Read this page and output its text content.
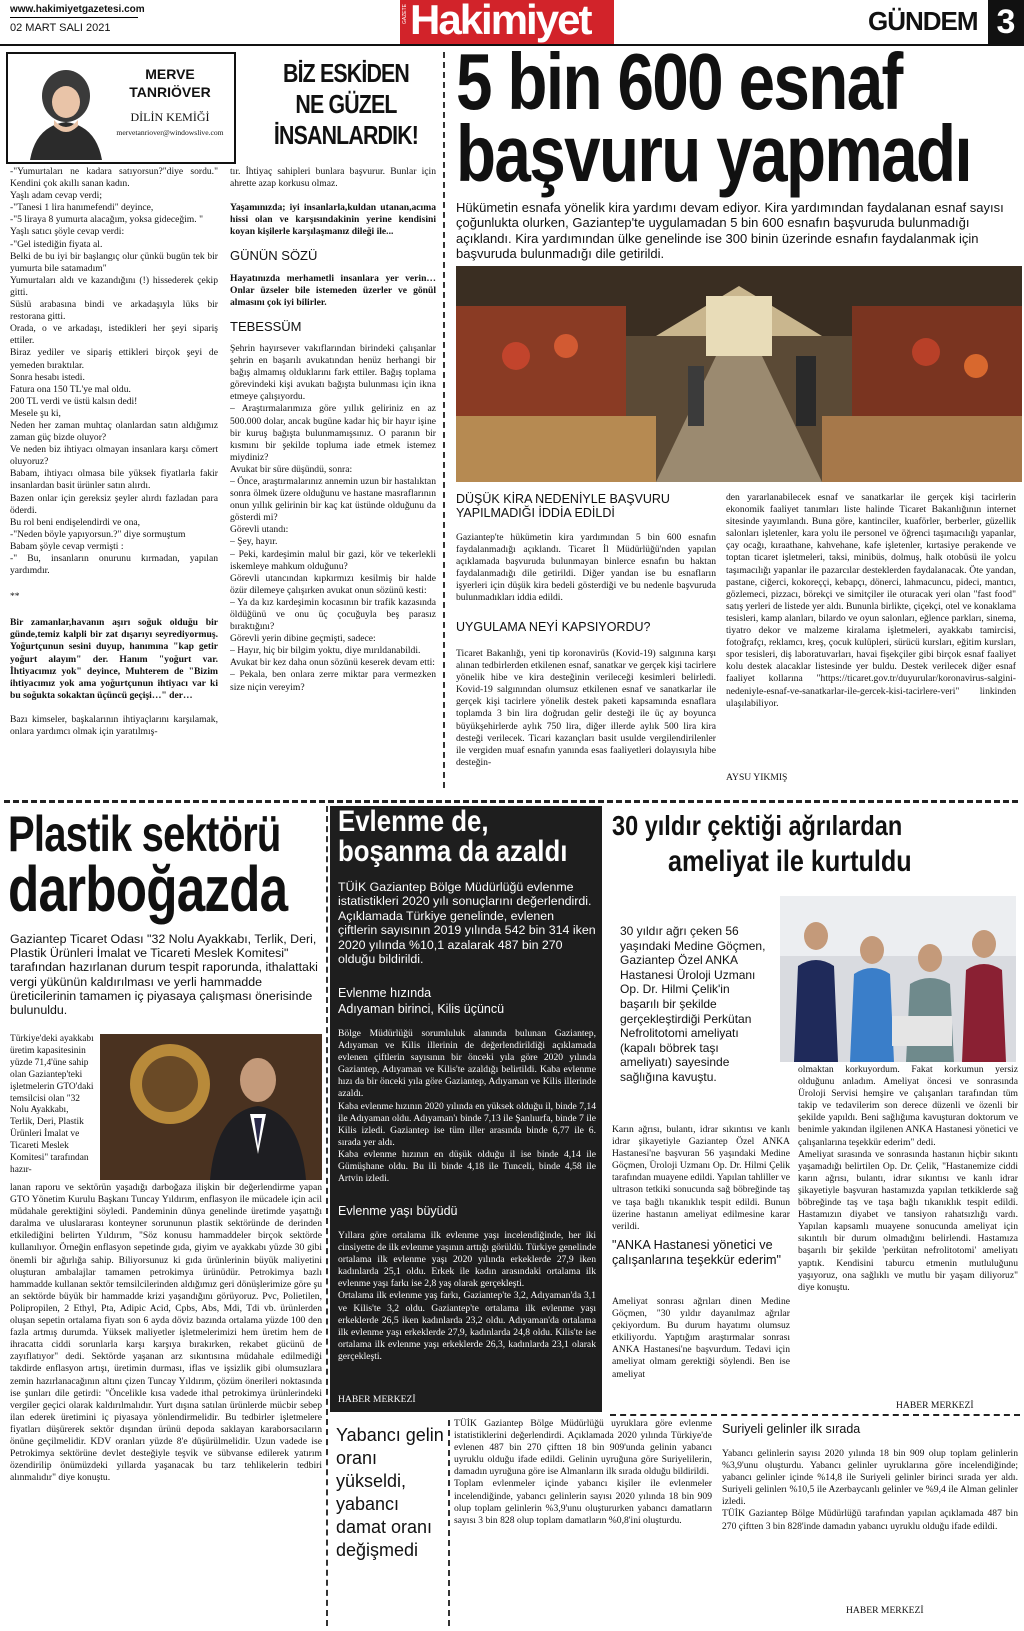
www.hakimiyetgazetesi.com
02 MART SALI 2021
GAZETE Hakimiyet	GÜNDEM 3
MERVE
TANRIÖVER
DİLİN KEMİĞİ
mervetanriover@windowslive.com
BİZ ESKİDEN NE GÜZEL İNSANLARDIK!

-"Yumurtaları ne kadara satıyorsun?"diye sordu." Kendini çok akıllı sanan kadın.
Yaşlı adam cevap verdi;
-"Tanesi 1 lira hanımefendi" deyince,
-"5 liraya 8 yumurta alacağım, yoksa gideceğim. "
Yaşlı satıcı şöyle cevap verdi:
-"Gel istediğin fiyata al.
Belki de bu iyi bir başlangıç olur çünkü bugün tek bir yumurta bile satamadım"
Yumurtaları aldı ve kazandığını (!) hissederek çekip gitti.
Süslü arabasına bindi ve arkadaşıyla lüks bir restorana gitti.
Orada, o ve arkadaşı, istedikleri her şeyi sipariş ettiler.
Biraz yediler ve sipariş ettikleri birçok şeyi de yemeden bıraktılar.
Sonra hesabı istedi.
Fatura ona 150 TL'ye mal oldu.
200 TL verdi ve üstü kalsın dedi!
Mesele şu ki,
Neden her zaman muhtaç olanlardan satın aldığımız zaman güç bizde oluyor?
Ve neden biz ihtiyacı olmayan insanlara karşı cömert oluyoruz?
Babam, ihtiyacı olmasa bile yüksek fiyatlarla fakir insanlardan basit ürünler satın alırdı.
Bazen onlar için gereksiz şeyler alırdı fazladan para öderdi.
Bu rol beni endişelendirdi ve ona,
-"Neden böyle yapıyorsun.?" diye sormuştum
Babam şöyle cevap vermişti :
-" Bu, insanların onurunu kırmadan, yapılan yardımdır.

**

Bir zamanlar,havanın aşırı soğuk olduğu bir günde,temiz kalpli bir zat dışarıyı seyrediyormuş. Yoğurtçunun sesini duyup, hanımına "kap getir yoğurt alayım" der. Hanım "yoğurt var. İhtiyacımız yok" deyince, Muhterem de "Bizim ihtiyacımız yok ama yoğurtçunun ihtiyacı var ki bu soğukta sokaktan üçüncü geçişi…" der…

Bazı kimseler, başkalarının ihtiyaçlarını karşılamak, onlara yardımcı olmak için yaratılmış-

tır. İhtiyaç sahipleri bunlara başvurur. Bunlar için ahrette azap korkusu olmaz.

Yaşamınızda; iyi insanlarla,kuldan utanan,acıma hissi olan ve karşısındakinin yerine kendisini koyan kişilerle karşılaşmanız dileği ile...

GÜNÜN SÖZÜ

Hayatınızda merhametli insanlara yer verin…Onlar üzseler bile istemeden üzerler ve gönül almasını çok iyi bilirler.

TEBESSÜM

Şehrin hayırsever vakıflarından birindeki çalışanlar şehrin en başarılı avukatından henüz herhangi bir bağış almamış olduklarını fark ettiler. Bağış toplama görevindeki kişi avukatı bağışta bulunması için ikna etmeye çalışıyordu.
– Araştırmalarımıza göre yıllık geliriniz en az 500.000 dolar, ancak bugüne kadar hiç bir hayır işine bir kuruş bağışta bulunmamışsınız. O paranın bir kısmını bir şekilde topluma iade etmek istemez miydiniz?
Avukat bir süre düşündü, sonra:
– Önce, araştırmalarınız annemin uzun bir hastalıktan sonra ölmek üzere olduğunu ve hastane masraflarının onun yıllık gelirinin bir kaç kat üstünde olduğunu da gösterdi mi?
Görevli utandı:
– Şey, hayır.
– Peki, kardeşimin malul bir gazi, kör ve tekerlekli iskemleye mahkum olduğunu?
Görevli utancından kıpkırmızı kesilmiş bir halde özür dilemeye çalışırken avukat onun sözünü kesti:
– Ya da kız kardeşimin kocasının bir trafik kazasında öldüğünü ve onu üç çocuğuyla beş parasız bıraktığını?
Görevli yerin dibine geçmişti, sadece:
– Hayır, hiç bir bilgim yoktu, diye mırıldanabildi.
Avukat bir kez daha onun sözünü keserek devam etti:
– Pekala, ben onlara zerre miktar para vermezken size niçin vereyim?

5 bin 600 esnaf
başvuru yapmadı
Hükümetin esnafa yönelik kira yardımı devam ediyor. Kira yardımından faydalanan esnaf sayısı çoğunlukta olurken, Gaziantep'te uygulamadan 5 bin 600 esnafın başvuruda bulunmadığı açıklandı. Kira yardımından ülke genelinde ise 300 binin üzerinde esnafın faydalanmak için başvuruda bulunmadığı dile getirildi.
DÜŞÜK KİRA NEDENİYLE BAŞVURU YAPILMADIĞI İDDİA EDİLDİ
Gaziantep'te hükümetin kira yardımından 5 bin 600 esnafın faydalanmadığı açıklandı. Ticaret İl Müdürlüğü'nden yapılan açıklamada başvuruda bulunmayan binlerce esnafın bu haktan faydalanmadığı dile getirildi. Diğer yandan ise bu esnafların işyerleri için düşük kira bedeli gösterdiği ve bu nedenle başvuruda bulunmadıkları iddia edildi.
UYGULAMA NEYİ KAPSIYORDU?
Ticaret Bakanlığı, yeni tip koronavirüs (Kovid-19) salgınına karşı alınan tedbirlerden etkilenen esnaf, sanatkar ve gerçek kişi tacirlere yönelik hibe ve kira desteğinin verileceği kesimleri belirledi. Kovid-19 salgınından olumsuz etkilenen esnaf ve sanatkarlar ile gerçek kişi tacirlere yönelik destek paketi kapsamında esnaflara toplamda 3 bin lira doğrudan gelir desteği ile üç ay boyunca büyükşehirlerde aylık 750 lira, diğer illerde aylık 500 lira kira desteği verilecek. Ticari kazançları basit usulde vergilendirilenler ile vergiden muaf esnafın yanında esas faaliyetleri dolayısıyla hibe desteğin-
den yararlanabilecek esnaf ve sanatkarlar ile gerçek kişi tacirlerin ekonomik faaliyet tanımları liste halinde Ticaret Bakanlığının internet sitesinde yayımlandı. Buna göre, kantinciler, kuaförler, berberler, güzellik salonları işletenler, kara yolu ile personel ve öğrenci taşımacılığı yapanlar, çay ocağı, kıraathane, kahvehane, kafe işletenler, kırtasiye perakende ve toptan ticaret işletmeleri, taksi, minibüs, dolmuş, halk otobüsü ile yolcu taşımacılığı yapanlar ile pazarcılar desteklerden faydalanacak. Öte yandan, pastane, ciğerci, kokoreççi, kebapçı, dönerci, lahmacuncu, pideci, mantıcı, gözlemeci, pizzacı, börekçi ve simitçiler ile oturacak yeri olan "fast food" satış yerleri de listede yer aldı. Bununla birlikte, çiçekçi, otel ve konaklama tesisleri, kamp alanları, bilardo ve oyun salonları, eğlence parkları, sinema, tiyatro dekor ve malzeme kiralama işletmeleri, ayakkabı tamircisi, fotoğrafçı, reklamcı, kreş, çocuk kulüpleri, sürücü kursları, eğitim kursları, spor tesisleri, diş laboratuvarları, havai fişekçiler gibi birçok esnaf faaliyet kolu destek alacaklar listesinde yer buldu. Destek verilecek diğer esnaf faaliyet kollarına "https://ticaret.gov.tr/duyurular/koronavirus-salgini-nedeniyle-esnaf-ve-sanatkarlar-ile-gercek-kisi-tacirlere-veri" linkinden ulaşılabiliyor.
AYSU YIKMIŞ
Plastik sektörü
darboğazda
Gaziantep Ticaret Odası "32 Nolu Ayakkabı, Terlik, Deri, Plastik Ürünleri İmalat ve Ticareti Meslek Komitesi" tarafından hazırlanan durum tespit raporunda, ithalattaki vergi yükünün kaldırılması ve yerli hammadde üreticilerinin tamamen iç piyasaya çalışması önerisinde bulunuldu.
Türkiye'deki ayakkabı üretim kapasitesinin yüzde 71,4'üne sahip olan Gaziantep'teki işletmelerin GTO'daki temsilcisi olan "32 Nolu Ayakkabı, Terlik, Deri, Plastik Ürünleri İmalat ve Ticareti Meslek Komitesi" tarafından hazır-
lanan raporu ve sektörün yaşadığı darboğaza ilişkin bir değerlendirme yapan GTO Yönetim Kurulu Başkanı Tuncay Yıldırım, enflasyon ile mücadele için acil müdahale gerektiğini söyledi. Pandeminin dünya genelinde üretimde yaşattığı daralma ve uluslararası konteyner sorununun plastik sektöründe de derinden etkilediğini belirten Yıldırım, "Söz konusu hammaddeler birçok sektörde kullanılıyor. Örneğin enflasyon sepetinde gıda, giyim ve ayakkabı yüzde 30 gibi önemli bir ağırlığa sahip. Biliyorsunuz ki gıda ürünlerinin büyük maliyetini oluşturan ambalajlar tamamen petrokimya ürünüdür. Petrokimya bazlı hammadde kullanan sektör temsilcilerinden aldığımız geri dönüşlerimize göre şu an sektörde büyük bir hammadde krizi yaşandığını görüyoruz. Pvc, Polietilen, Polipropilen, 2 Ethyl, Pta, Adipic Acid, Cpbs, Abs, Mdi, Tdi vb. ürünlerden oluşan sepetin ortalama fiyatı son 6 ayda döviz bazında ortalama yüzde 100 den fazla artmış durumda. Yüksek maliyetler işletmelerimizi hem üretim hem de ihracatta ciddi sorunlarla karşı karşıya bırakırken, rekabet gücünü de zayıflatıyor" dedi. Sektörde yaşanan arz sıkıntısına müdahale edilmediği takdirde enflasyon artışı, üretimin durması, iflas ve işsizlik gibi olumsuzlara zemin hazırlanacağının altını çizen Tuncay Yıldırım, çözüm önerileri noktasında ise şunları dile getirdi: "Öncelikle kısa vadede ithal petrokimya ürünlerindeki vergiler geçici olarak kaldırılmalıdır. Yurt dışına satılan ürünlerde mücbir sebep ilan ederek üretimini iç piyasaya yönlendirmelidir. Bu tedbirler işletmelere fiyatları düşürerek sektör dışından ürünü depoda saklayan karaborsacıların önüne geçilmelidir. KDV oranları yüzde 8'e düşürülmelidir. Uzun vadede ise Petrokimya sektörüne devlet desteğiyle teşvik ve sübvanse edilerek yatırım özendirilip önümüzdeki yıllarda yaşanacak bu tarz tehlikelerin tedbiri alınmalıdır" diye konuştu.
Evlenme de,
boşanma da azaldı
TÜİK Gaziantep Bölge Müdürlüğü evlenme istatistikleri 2020 yılı sonuçlarını değerlendirdi. Açıklamada Türkiye genelinde, evlenen çiftlerin sayısının 2019 yılında 542 bin 314 iken 2020 yılında %10,1 azalarak 487 bin 270 olduğu bildirildi.
Evlenme hızında
Adıyaman birinci, Kilis üçüncü
Bölge Müdürlüğü sorumluluk alanında bulunan Gaziantep, Adıyaman ve Kilis illerinin de değerlendirildiği açıklamada evlenen çiftlerin sayısının bir önceki yıla göre 2020 yılında Gaziantep, Adıyaman ve Kilis'te azaldığı belirtildi. Kaba evlenme hızı da bir önceki yıla göre Gaziantep, Adıyaman ve Kilis illerinde azaldı.
Kaba evlenme hızının 2020 yılında en yüksek olduğu il, binde 7,14 ile Adıyaman oldu. Adıyaman'ı binde 7,13 ile Şanlıurfa, binde 7 ile Kilis izledi. Gaziantep ise tüm iller arasında binde 6,77 ile 6. sırada yer aldı.
Kaba evlenme hızının en düşük olduğu il ise binde 4,14 ile Gümüşhane oldu. Bu ili binde 4,18 ile Tunceli, binde 4,58 ile Artvin izledi.
Evlenme yaşı büyüdü
Yıllara göre ortalama ilk evlenme yaşı incelendiğinde, her iki cinsiyette de ilk evlenme yaşının arttığı görüldü. Türkiye genelinde ortalama ilk evlenme yaşı 2020 yılında erkeklerde 27,9 iken kadınlarda 25,1 oldu. Erkek ile kadın arasındaki ortalama ilk evlenme yaşı farkı ise 2,8 yaş olarak gerçekleşti.
Ortalama ilk evlenme yaş farkı, Gaziantep'te 3,2, Adıyaman'da 3,1 ve Kilis'te 3,2 oldu. Gaziantep'te ortalama ilk evlenme yaşı erkeklerde 26,5 iken kadınlarda 23,2 oldu. Adıyaman'da ortalama ilk evlenme yaşı erkeklerde 27,9, kadınlarda 24,8 oldu. Kilis'te ise ortalama ilk evlenme yaşı erkeklerde 26,3, kadınlarda 23,1 olarak gerçekleşti.
HABER MERKEZİ
Yabancı gelin oranı yükseldi, yabancı damat oranı değişmedi
TÜİK Gaziantep Bölge Müdürlüğü uyruklara göre evlenme istatistiklerini değerlendirdi. Açıklamada 2020 yılında Türkiye'de evlenen 487 bin 270 çiftten 18 bin 909'unda gelinin yabancı uyruklu olduğu ifade edildi. Gelinin uyruğuna göre Suriyelilerin, damadın uyruğuna göre ise Almanların ilk sırada olduğu bildirildi.
Toplam evlenmeler içinde yabancı kişiler ile evlenmeler incelendiğinde, yabancı gelinlerin sayısı 2020 yılında 18 bin 909 olup toplam gelinlerin %3,9'unu oluştururken yabancı damatların sayısı 3 bin 828 olup toplam damatların %0,8'ini oluşturdu.
Suriyeli gelinler ilk sırada
Yabancı gelinlerin sayısı 2020 yılında 18 bin 909 olup toplam gelinlerin %3,9'unu oluşturdu. Yabancı gelinler uyruklarına göre incelendiğinde; yabancı gelinler içinde %14,8 ile Suriyeli gelinler birinci sırada yer aldı. Suriyeli gelinlerı %10,5 ile Azerbaycanlı gelinler ve %9,4 ile Alman gelinler izledi.
TÜİK Gaziantep Bölge Müdürlüğü tarafından yapılan açıklamada 487 bin 270 çiftten 3 bin 828'inde damadın yabancı uyruklu olduğu ifade edildi.
HABER MERKEZİ
30 yıldır çektiği ağrılardan
ameliyat ile kurtuldu
30 yıldır ağrı çeken 56 yaşındaki Medine Göçmen, Gaziantep Özel ANKA Hastanesi Üroloji Uzmanı Op. Dr. Hilmi Çelik'in başarılı bir şekilde gerçekleştirdiği Perkütan Nefrolitotomi ameliyatı (kapalı böbrek taşı ameliyatı) sayesinde sağlığına kavuştu.
Karın ağrısı, bulantı, idrar sıkıntısı ve kanlı idrar şikayetiyle Gaziantep Özel ANKA Hastanesi'ne başvuran 56 yaşındaki Medine Göçmen, Üroloji Uzmanı Op. Dr. Hilmi Çelik tarafından muayene edildi. Yapılan tahliller ve ultrason tetkiki sonucunda sağ böbreğinde taş ve taşa bağlı tıkanıklık tespit edildi. Bunun üzerine hastanın ameliyat edilmesine karar verildi.
"ANKA Hastanesi yönetici ve çalışanlarına teşekkür ederim"
Ameliyat sonrası ağrıları dinen Medine Göçmen, "30 yıldır dayanılmaz ağrılar çekiyordum. Bu durum hayatımı olumsuz etkiliyordu. Yaptığım araştırmalar sonrası ANKA Hastanesi'ne başvurdum. Tedavi için ameliyat olmam gerektiği söylendi. Ben ise ameliyat
olmaktan korkuyordum. Fakat korkumun yersiz olduğunu anladım. Ameliyat öncesi ve sonrasında Üroloji Servisi hemşire ve çalışanları tarafından tüm takip ve tedavilerim son derece düzenli ve özenli bir şekilde yapıldı. Beni sağlığıma kavuşturan doktorum ve benimle yakından ilgilenen ANKA Hastanesi yönetici ve çalışanlarına teşekkür ederim" dedi.
Ameliyat sırasında ve sonrasında hastanın hiçbir sıkıntı yaşamadığı belirtilen Op. Dr. Çelik, "Hastanemize ciddi karın ağrısı, bulantı, idrar sıkıntısı ve kanlı idrar şikayetiyle başvuran hastamızda yapılan tetkiklerde sağ böbreğinde taş ve taşa bağlı tıkanıklık tespit edildi. Hastamızın diyabet ve tansiyon rahatsızlığı vardı. Yapılan kapsamlı muayene sonucunda ameliyat için sıkıntılı bir durum olmadığını belirlendi. Hastamıza başarılı bir şekilde 'perkütan nefrolitotomi' ameliyatı yaptık. Kendisini taburcu etmenin mutluluğunu yaşıyoruz, ona sağlıklı ve mutlu bir yaşam diliyoruz" diye konuştu.
HABER MERKEZİ
